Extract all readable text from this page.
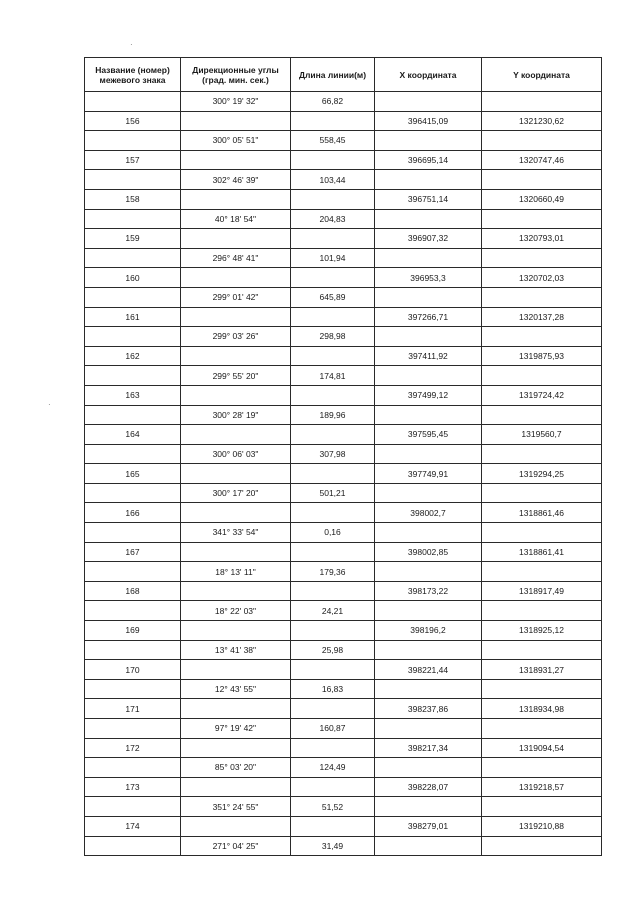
·
·
Название (номер) межевого знака	Дирекционные углы (град. мин. сек.)	Длина линии(м)	X координата	Y координата
	300° 19' 32"	66,82		
156			396415,09	1321230,62
	300° 05' 51"	558,45		
157			396695,14	1320747,46
	302° 46' 39"	103,44		
158			396751,14	1320660,49
	40° 18' 54"	204,83		
159			396907,32	1320793,01
	296° 48' 41"	101,94		
160			396953,3	1320702,03
	299° 01' 42"	645,89		
161			397266,71	1320137,28
	299° 03' 26"	298,98		
162			397411,92	1319875,93
	299° 55' 20"	174,81		
163			397499,12	1319724,42
	300° 28' 19"	189,96		
164			397595,45	1319560,7
	300° 06' 03"	307,98		
165			397749,91	1319294,25
	300° 17' 20"	501,21		
166			398002,7	1318861,46
	341° 33' 54"	0,16		
167			398002,85	1318861,41
	18° 13' 11"	179,36		
168			398173,22	1318917,49
	18° 22' 03"	24,21		
169			398196,2	1318925,12
	13° 41' 38"	25,98		
170			398221,44	1318931,27
	12° 43' 55"	16,83		
171			398237,86	1318934,98
	97° 19' 42"	160,87		
172			398217,34	1319094,54
	85° 03' 20"	124,49		
173			398228,07	1319218,57
	351° 24' 55"	51,52		
174			398279,01	1319210,88
	271° 04' 25"	31,49		
